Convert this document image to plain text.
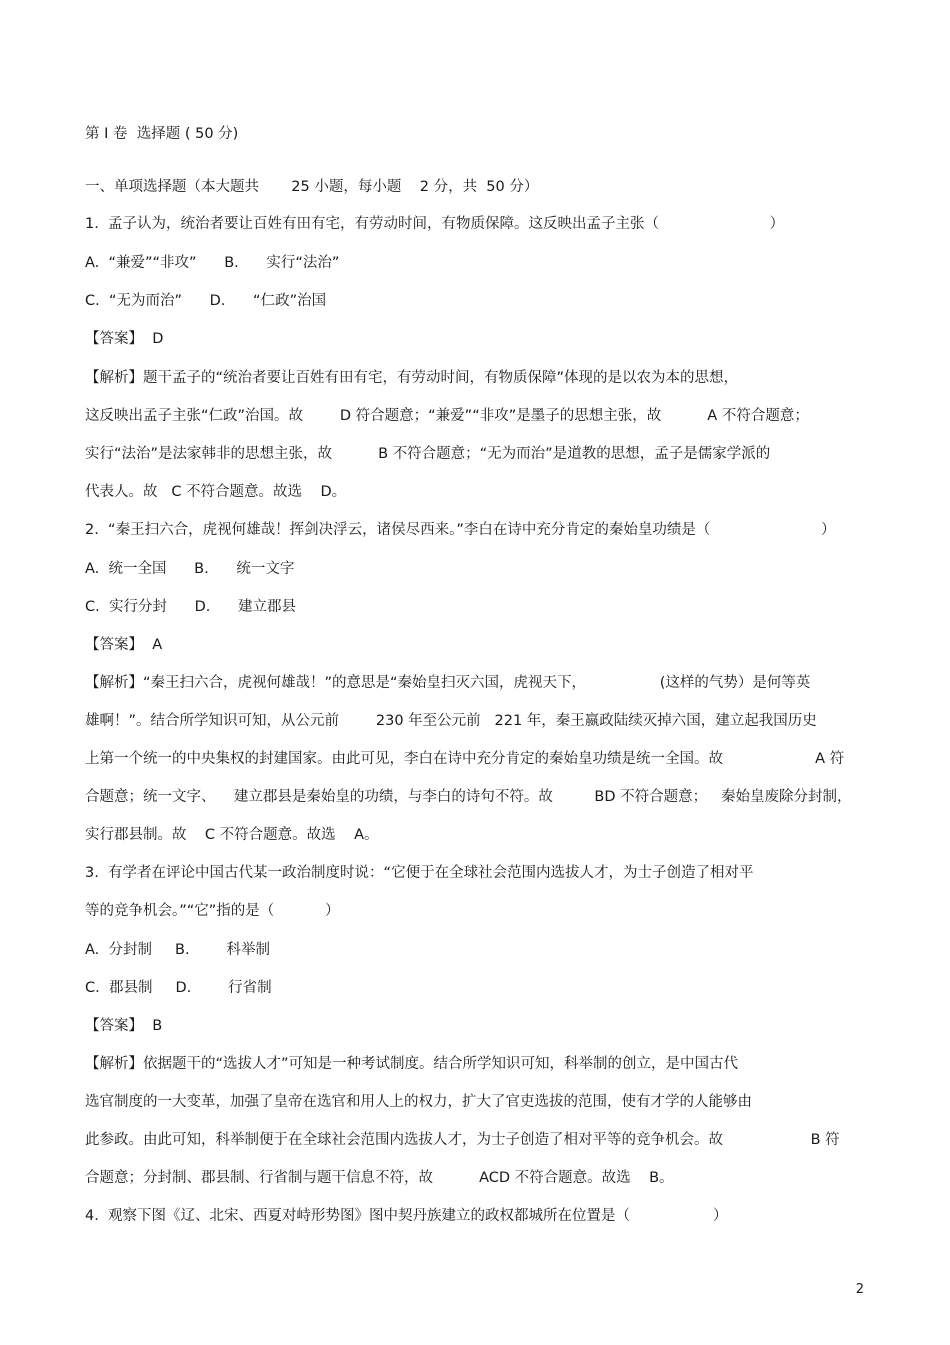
第 I 卷  选择题 ( 50 分)
一、单项选择题（本大题共       25 小题，每小题    2 分，共  50 分）
1.  孟子认为，统治者要让百姓有田有宅，有劳动时间，有物质保障。这反映出孟子主张（                        ）
A.  “兼爱”“非攻”      B.      实行“法治”
C.  “无为而治”      D.      “仁政”治国
【答案】  D
【解析】题干孟子的“统治者要让百姓有田有宅，有劳动时间，有物质保障”体现的是以农为本的思想，
这反映出孟子主张“仁政”治国。故        D 符合题意；“兼爱”“非攻”是墨子的思想主张，故          A 不符合题意；
实行“法治”是法家韩非的思想主张，故          B 不符合题意；“无为而治”是道教的思想，孟子是儒家学派的
代表人。故   C 不符合题意。故选    D。
2.  “秦王扫六合，虎视何雄哉！挥剑决浮云，诸侯尽西来。”李白在诗中充分肯定的秦始皇功绩是（                        ）
A.  统一全国      B.      统一文字
C.  实行分封      D.      建立郡县
【答案】  A
【解析】“秦王扫六合，虎视何雄哉！”的意思是“秦始皇扫灭六国，虎视天下，                (这样的气势）是何等英
雄啊！”。结合所学知识可知，从公元前        230 年至公元前   221 年，秦王嬴政陆续灭掉六国，建立起我国历史
上第一个统一的中央集权的封建国家。由此可见，李白在诗中充分肯定的秦始皇功绩是统一全国。故                    A 符
合题意；统一文字、    建立郡县是秦始皇的功绩，与李白的诗句不符。故         BD 不符合题意；   秦始皇废除分封制，
实行郡县制。故    C 不符合题意。故选    A。
3.  有学者在评论中国古代某一政治制度时说：“它便于在全球社会范围内选拔人才，为士子创造了相对平
等的竞争机会。”“它”指的是（           ）
A.  分封制     B.        科举制
C.  郡县制     D.        行省制
【答案】  B
【解析】依据题干的“选拔人才”可知是一种考试制度。结合所学知识可知，科举制的创立，是中国古代
选官制度的一大变革，加强了皇帝在选官和用人上的权力，扩大了官吏选拔的范围，使有才学的人能够由
此参政。由此可知，科举制便于在全球社会范围内选拔人才，为士子创造了相对平等的竞争机会。故                   B 符
合题意；分封制、郡县制、行省制与题干信息不符，故          ACD 不符合题意。故选    B。
4.  观察下图《辽、北宋、西夏对峙形势图》图中契丹族建立的政权都城所在位置是（                  ）
2
